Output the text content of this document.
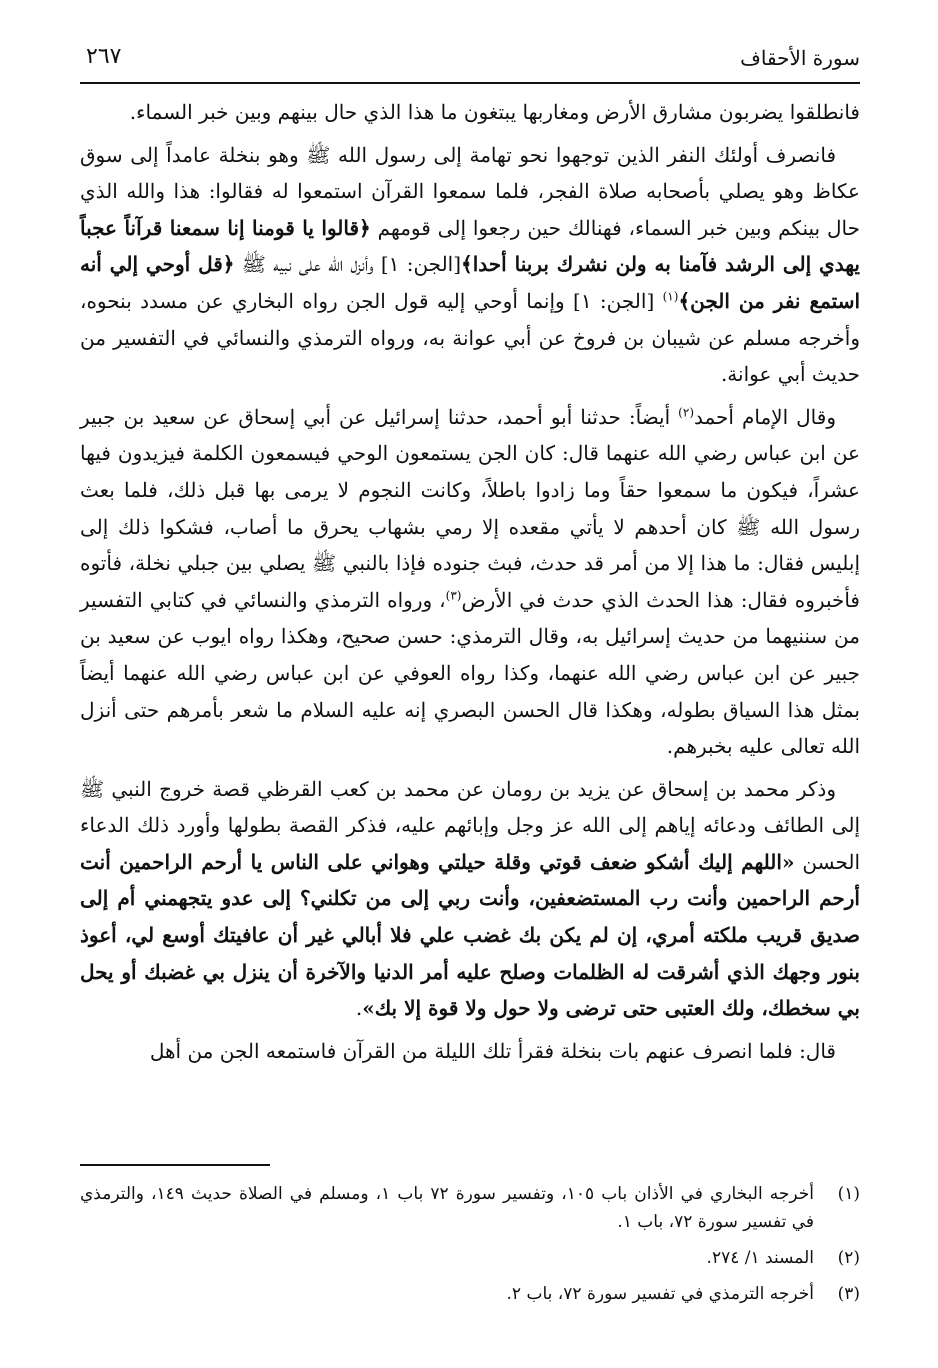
سورة الأحقاف
٢٦٧

فانطلقوا يضربون مشارق الأرض ومغاربها يبتغون ما هذا الذي حال بينهم وبين خبر السماء.

فانصرف أولئك النفر الذين توجهوا نحو تهامة إلى رسول الله ﷺ وهو بنخلة عامداً إلى سوق عكاظ وهو يصلي بأصحابه صلاة الفجر، فلما سمعوا القرآن استمعوا له فقالوا: هذا والله الذي حال بينكم وبين خبر السماء، فهنالك حين رجعوا إلى قومهم ﴿قالوا يا قومنا إنا سمعنا قرآناً عجباً يهدي إلى الرشد فآمنا به ولن نشرك بربنا أحدا﴾[الجن: ١] وأنزل الله على نبيه ﷺ ﴿قل أوحي إلي أنه استمع نفر من الجن﴾$^{(١)}$ [الجن: ١] وإنما أوحي إليه قول الجن رواه البخاري عن مسدد بنحوه، وأخرجه مسلم عن شيبان بن فروخ عن أبي عوانة به، ورواه الترمذي والنسائي في التفسير من حديث أبي عوانة.

وقال الإمام أحمد$^{(٢)}$ أيضاً: حدثنا أبو أحمد، حدثنا إسرائيل عن أبي إسحاق عن سعيد بن جبير عن ابن عباس رضي الله عنهما قال: كان الجن يستمعون الوحي فيسمعون الكلمة فيزيدون فيها عشراً، فيكون ما سمعوا حقاً وما زادوا باطلاً، وكانت النجوم لا يرمى بها قبل ذلك، فلما بعث رسول الله ﷺ كان أحدهم لا يأتي مقعده إلا رمي بشهاب يحرق ما أصاب، فشكوا ذلك إلى إبليس فقال: ما هذا إلا من أمر قد حدث، فبث جنوده فإذا بالنبي ﷺ يصلي بين جبلي نخلة، فأتوه فأخبروه فقال: هذا الحدث الذي حدث في الأرض$^{(٣)}$، ورواه الترمذي والنسائي في كتابي التفسير من سننيهما من حديث إسرائيل به، وقال الترمذي: حسن صحيح، وهكذا رواه ايوب عن سعيد بن جبير عن ابن عباس رضي الله عنهما، وكذا رواه العوفي عن ابن عباس رضي الله عنهما أيضاً بمثل هذا السياق بطوله، وهكذا قال الحسن البصري إنه عليه السلام ما شعر بأمرهم حتى أنزل الله تعالى عليه بخبرهم.

وذكر محمد بن إسحاق عن يزيد بن رومان عن محمد بن كعب القرظي قصة خروج النبي ﷺ إلى الطائف ودعائه إياهم إلى الله عز وجل وإبائهم عليه، فذكر القصة بطولها وأورد ذلك الدعاء الحسن «اللهم إليك أشكو ضعف قوتي وقلة حيلتي وهواني على الناس يا أرحم الراحمين أنت أرحم الراحمين وأنت رب المستضعفين، وأنت ربي إلى من تكلني؟ إلى عدو يتجهمني أم إلى صديق قريب ملكته أمري، إن لم يكن بك غضب علي فلا أبالي غير أن عافيتك أوسع لي، أعوذ بنور وجهك الذي أشرقت له الظلمات وصلح عليه أمر الدنيا والآخرة أن ينزل بي غضبك أو يحل بي سخطك، ولك العتبى حتى ترضى ولا حول ولا قوة إلا بك».

قال: فلما انصرف عنهم بات بنخلة فقرأ تلك الليلة من القرآن فاستمعه الجن من أهل

(١)
أخرجه البخاري في الأذان باب ١٠٥، وتفسير سورة ٧٢ باب ١، ومسلم في الصلاة حديث ١٤٩، والترمذي في تفسير سورة ٧٢، باب ١.
(٢)
المسند ١/ ٢٧٤.
(٣)
أخرجه الترمذي في تفسير سورة ٧٢، باب ٢.
